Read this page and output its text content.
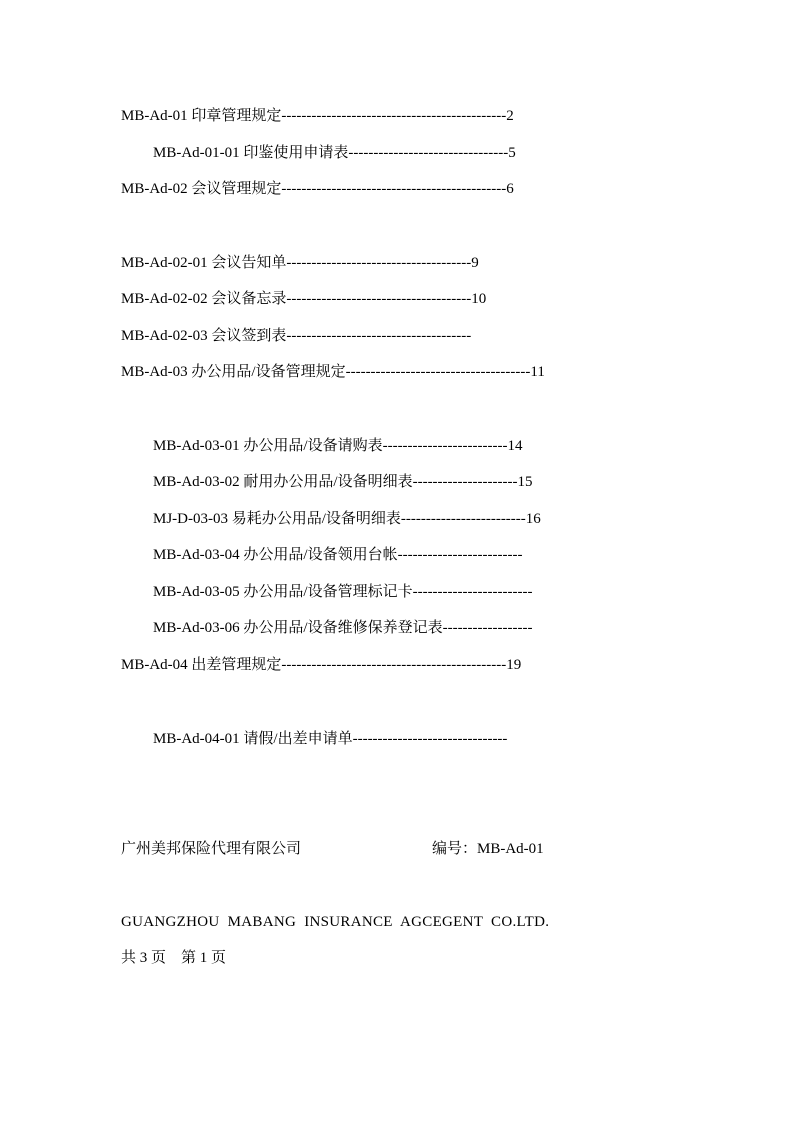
MB-Ad-01 印章管理规定---------------------------------------------2
MB-Ad-01-01 印鉴使用申请表--------------------------------5
MB-Ad-02 会议管理规定---------------------------------------------6
MB-Ad-02-01 会议告知单-------------------------------------9
MB-Ad-02-02 会议备忘录-------------------------------------10
MB-Ad-02-03 会议签到表-------------------------------------
MB-Ad-03 办公用品/设备管理规定-------------------------------------11
MB-Ad-03-01 办公用品/设备请购表-------------------------14
MB-Ad-03-02 耐用办公用品/设备明细表---------------------15
MJ-D-03-03 易耗办公用品/设备明细表-------------------------16
MB-Ad-03-04 办公用品/设备领用台帐-------------------------
MB-Ad-03-05 办公用品/设备管理标记卡------------------------
MB-Ad-03-06 办公用品/设备维修保养登记表------------------
MB-Ad-04 出差管理规定---------------------------------------------19
MB-Ad-04-01 请假/出差申请单-------------------------------
广州美邦保险代理有限公司	编号：MB-Ad-01
GUANGZHOU  MABANG  INSURANCE  AGCEGENT  CO.LTD.
共 3 页    第 1 页
